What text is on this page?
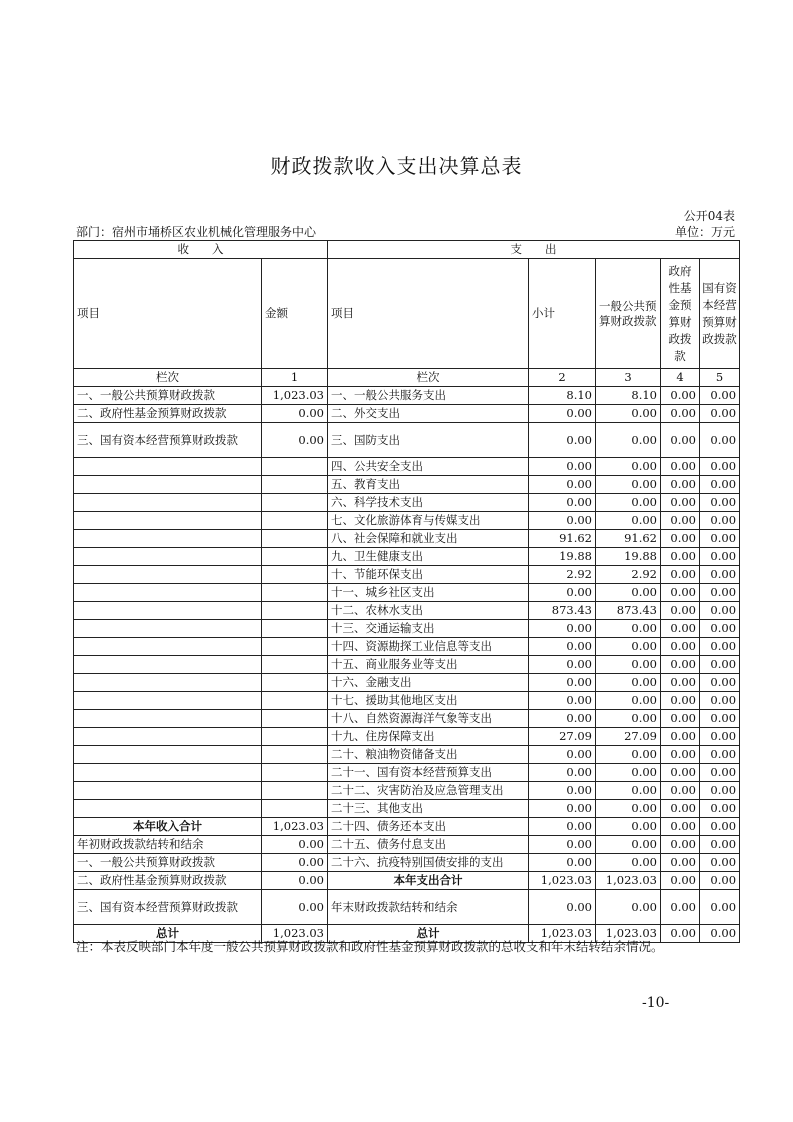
财政拨款收入支出决算总表
公开04表
部门：宿州市埇桥区农业机械化管理服务中心	单位：万元
收　　入		支　　出				
项目	金额	项目	小计	一般公共预算财政拨款	政府性基金预算财政拨款	国有资本经营预算财政拨款
栏次	1	栏次	2	3	4	5
一、一般公共预算财政拨款	1,023.03	一、一般公共服务支出	8.10	8.10	0.00	0.00
二、政府性基金预算财政拨款	0.00	二、外交支出	0.00	0.00	0.00	0.00
三、国有资本经营预算财政拨款	0.00	三、国防支出	0.00	0.00	0.00	0.00
		四、公共安全支出	0.00	0.00	0.00	0.00
		五、教育支出	0.00	0.00	0.00	0.00
		六、科学技术支出	0.00	0.00	0.00	0.00
		七、文化旅游体育与传媒支出	0.00	0.00	0.00	0.00
		八、社会保障和就业支出	91.62	91.62	0.00	0.00
		九、卫生健康支出	19.88	19.88	0.00	0.00
		十、节能环保支出	2.92	2.92	0.00	0.00
		十一、城乡社区支出	0.00	0.00	0.00	0.00
		十二、农林水支出	873.43	873.43	0.00	0.00
		十三、交通运输支出	0.00	0.00	0.00	0.00
		十四、资源勘探工业信息等支出	0.00	0.00	0.00	0.00
		十五、商业服务业等支出	0.00	0.00	0.00	0.00
		十六、金融支出	0.00	0.00	0.00	0.00
		十七、援助其他地区支出	0.00	0.00	0.00	0.00
		十八、自然资源海洋气象等支出	0.00	0.00	0.00	0.00
		十九、住房保障支出	27.09	27.09	0.00	0.00
		二十、粮油物资储备支出	0.00	0.00	0.00	0.00
		二十一、国有资本经营预算支出	0.00	0.00	0.00	0.00
		二十二、灾害防治及应急管理支出	0.00	0.00	0.00	0.00
		二十三、其他支出	0.00	0.00	0.00	0.00
本年收入合计	1,023.03	二十四、债务还本支出	0.00	0.00	0.00	0.00
年初财政拨款结转和结余	0.00	二十五、债务付息支出	0.00	0.00	0.00	0.00
一、一般公共预算财政拨款	0.00	二十六、抗疫特别国债安排的支出	0.00	0.00	0.00	0.00
二、政府性基金预算财政拨款	0.00	本年支出合计	1,023.03	1,023.03	0.00	0.00
三、国有资本经营预算财政拨款	0.00	年末财政拨款结转和结余	0.00	0.00	0.00	0.00
总计	1,023.03	总计	1,023.03	1,023.03	0.00	0.00
注：本表反映部门本年度一般公共预算财政拨款和政府性基金预算财政拨款的总收支和年末结转结余情况。
-10-
